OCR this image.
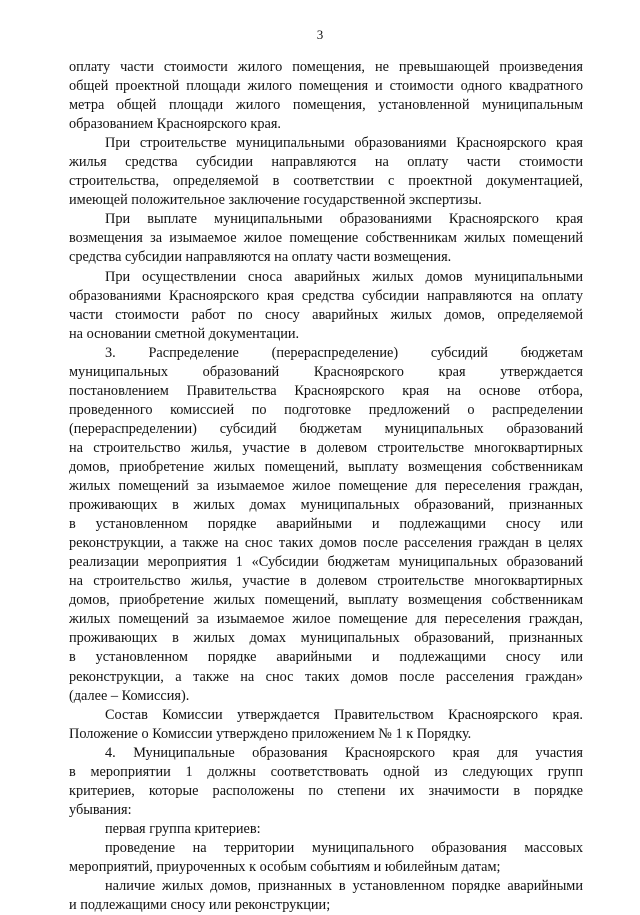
3
оплату части стоимости жилого помещения, не превышающей произведения
общей проектной площади жилого помещения и стоимости одного квадратного
метра общей площади жилого помещения, установленной муниципальным
образованием Красноярского края.
При строительстве муниципальными образованиями Красноярского края
жилья средства субсидии направляются на оплату части стоимости
строительства, определяемой в соответствии с проектной документацией,
имеющей положительное заключение государственной экспертизы.
При выплате муниципальными образованиями Красноярского края
возмещения за изымаемое жилое помещение собственникам жилых помещений
средства субсидии направляются на оплату части возмещения.
При осуществлении сноса аварийных жилых домов муниципальными
образованиями Красноярского края средства субсидии направляются на оплату
части стоимости работ по сносу аварийных жилых домов, определяемой
на основании сметной документации.
3. Распределение (перераспределение) субсидий бюджетам
муниципальных образований Красноярского края утверждается
постановлением Правительства Красноярского края на основе отбора,
проведенного комиссией по подготовке предложений о распределении
(перераспределении) субсидий бюджетам муниципальных образований
на строительство жилья, участие в долевом строительстве многоквартирных
домов, приобретение жилых помещений, выплату возмещения собственникам
жилых помещений за изымаемое жилое помещение для переселения граждан,
проживающих в жилых домах муниципальных образований, признанных
в установленном порядке аварийными и подлежащими сносу или
реконструкции, а также на снос таких домов после расселения граждан в целях
реализации мероприятия 1 «Субсидии бюджетам муниципальных образований
на строительство жилья, участие в долевом строительстве многоквартирных
домов, приобретение жилых помещений, выплату возмещения собственникам
жилых помещений за изымаемое жилое помещение для переселения граждан,
проживающих в жилых домах муниципальных образований, признанных
в установленном порядке аварийными и подлежащими сносу или
реконструкции, а также на снос таких домов после расселения граждан»
(далее – Комиссия).
Состав Комиссии утверждается Правительством Красноярского края.
Положение о Комиссии утверждено приложением № 1 к Порядку.
4. Муниципальные образования Красноярского края для участия
в мероприятии 1 должны соответствовать одной из следующих групп
критериев, которые расположены по степени их значимости в порядке
убывания:
первая группа критериев:
проведение на территории муниципального образования массовых
мероприятий, приуроченных к особым событиям и юбилейным датам;
наличие жилых домов, признанных в установленном порядке аварийными
и подлежащими сносу или реконструкции;
